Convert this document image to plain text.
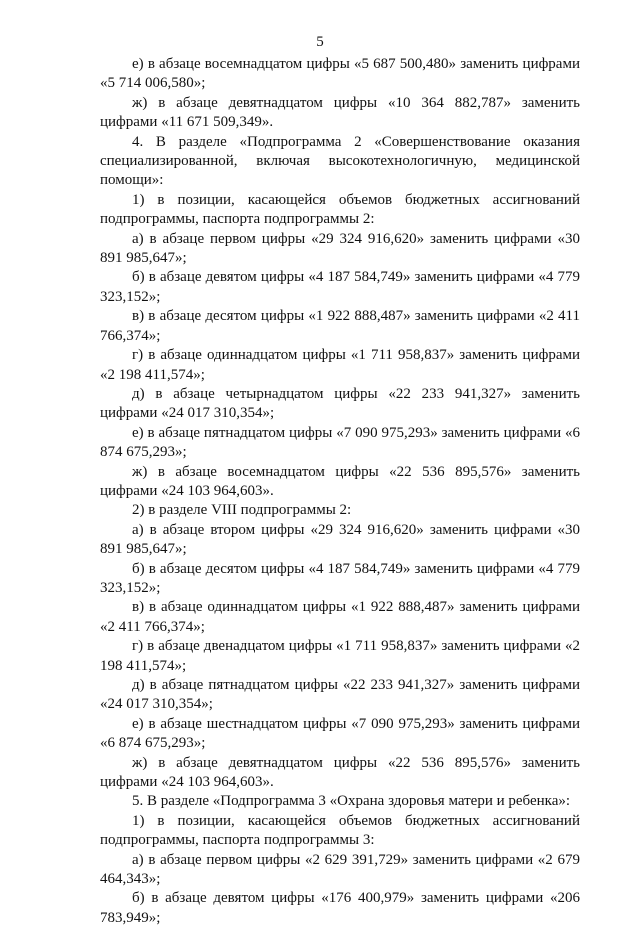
5

е) в абзаце восемнадцатом цифры «5 687 500,480» заменить цифрами «5 714 006,580»;

ж) в абзаце девятнадцатом цифры «10 364 882,787» заменить цифрами «11 671 509,349».

4. В разделе «Подпрограмма 2 «Совершенствование оказания специализированной, включая высокотехнологичную, медицинской помощи»:

1) в позиции, касающейся объемов бюджетных ассигнований подпрограммы, паспорта подпрограммы 2:

а) в абзаце первом цифры «29 324 916,620» заменить цифрами «30 891 985,647»;

б) в абзаце девятом цифры «4 187 584,749» заменить цифрами «4 779 323,152»;

в) в абзаце десятом цифры «1 922 888,487» заменить цифрами «2 411 766,374»;

г) в абзаце одиннадцатом цифры «1 711 958,837» заменить цифрами «2 198 411,574»;

д) в абзаце четырнадцатом цифры «22 233 941,327» заменить цифрами «24 017 310,354»;

е) в абзаце пятнадцатом цифры «7 090 975,293» заменить цифрами «6 874 675,293»;

ж) в абзаце восемнадцатом цифры «22 536 895,576» заменить цифрами «24 103 964,603».

2) в разделе VIII подпрограммы 2:

а) в абзаце втором цифры «29 324 916,620» заменить цифрами «30 891 985,647»;

б) в абзаце десятом цифры «4 187 584,749» заменить цифрами «4 779 323,152»;

в) в абзаце одиннадцатом цифры «1 922 888,487» заменить цифрами «2 411 766,374»;

г) в абзаце двенадцатом цифры «1 711 958,837» заменить цифрами «2 198 411,574»;

д) в абзаце пятнадцатом цифры «22 233 941,327» заменить цифрами «24 017 310,354»;

е) в абзаце шестнадцатом цифры «7 090 975,293» заменить цифрами «6 874 675,293»;

ж) в абзаце девятнадцатом цифры «22 536 895,576» заменить цифрами «24 103 964,603».

5. В разделе «Подпрограмма 3 «Охрана здоровья матери и ребенка»:

1) в позиции, касающейся объемов бюджетных ассигнований подпрограммы, паспорта подпрограммы 3:

а) в абзаце первом цифры «2 629 391,729» заменить цифрами «2 679 464,343»;

б) в абзаце девятом цифры «176 400,979» заменить цифрами «206 783,949»;
